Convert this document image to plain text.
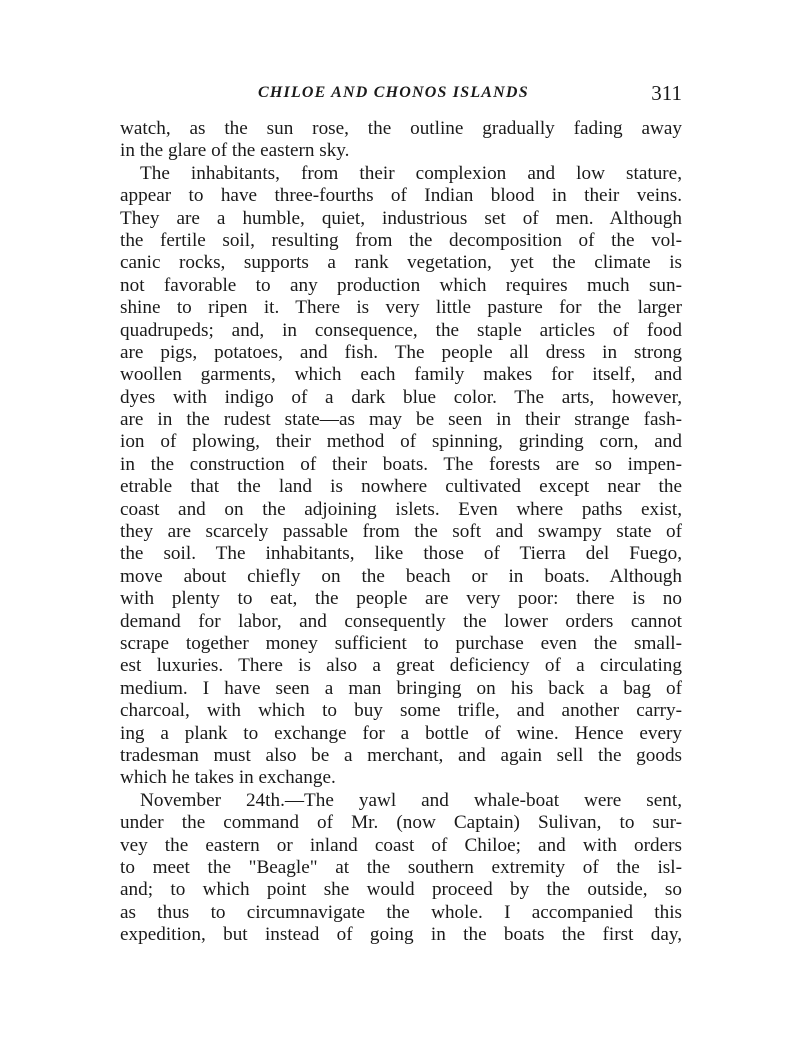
CHILOE AND CHONOS ISLANDS	311
watch, as the sun rose, the outline gradually fading away
in the glare of the eastern sky.
The inhabitants, from their complexion and low stature,
appear to have three-fourths of Indian blood in their veins.
They are a humble, quiet, industrious set of men. Although
the fertile soil, resulting from the decomposition of the vol-
canic rocks, supports a rank vegetation, yet the climate is
not favorable to any production which requires much sun-
shine to ripen it. There is very little pasture for the larger
quadrupeds; and, in consequence, the staple articles of food
are pigs, potatoes, and fish. The people all dress in strong
woollen garments, which each family makes for itself, and
dyes with indigo of a dark blue color. The arts, however,
are in the rudest state—as may be seen in their strange fash-
ion of plowing, their method of spinning, grinding corn, and
in the construction of their boats. The forests are so impen-
etrable that the land is nowhere cultivated except near the
coast and on the adjoining islets. Even where paths exist,
they are scarcely passable from the soft and swampy state of
the soil. The inhabitants, like those of Tierra del Fuego,
move about chiefly on the beach or in boats. Although
with plenty to eat, the people are very poor: there is no
demand for labor, and consequently the lower orders cannot
scrape together money sufficient to purchase even the small-
est luxuries. There is also a great deficiency of a circulating
medium. I have seen a man bringing on his back a bag of
charcoal, with which to buy some trifle, and another carry-
ing a plank to exchange for a bottle of wine. Hence every
tradesman must also be a merchant, and again sell the goods
which he takes in exchange.
November 24th.—The yawl and whale-boat were sent,
under the command of Mr. (now Captain) Sulivan, to sur-
vey the eastern or inland coast of Chiloe; and with orders
to meet the "Beagle" at the southern extremity of the isl-
and; to which point she would proceed by the outside, so
as thus to circumnavigate the whole. I accompanied this
expedition, but instead of going in the boats the first day,
